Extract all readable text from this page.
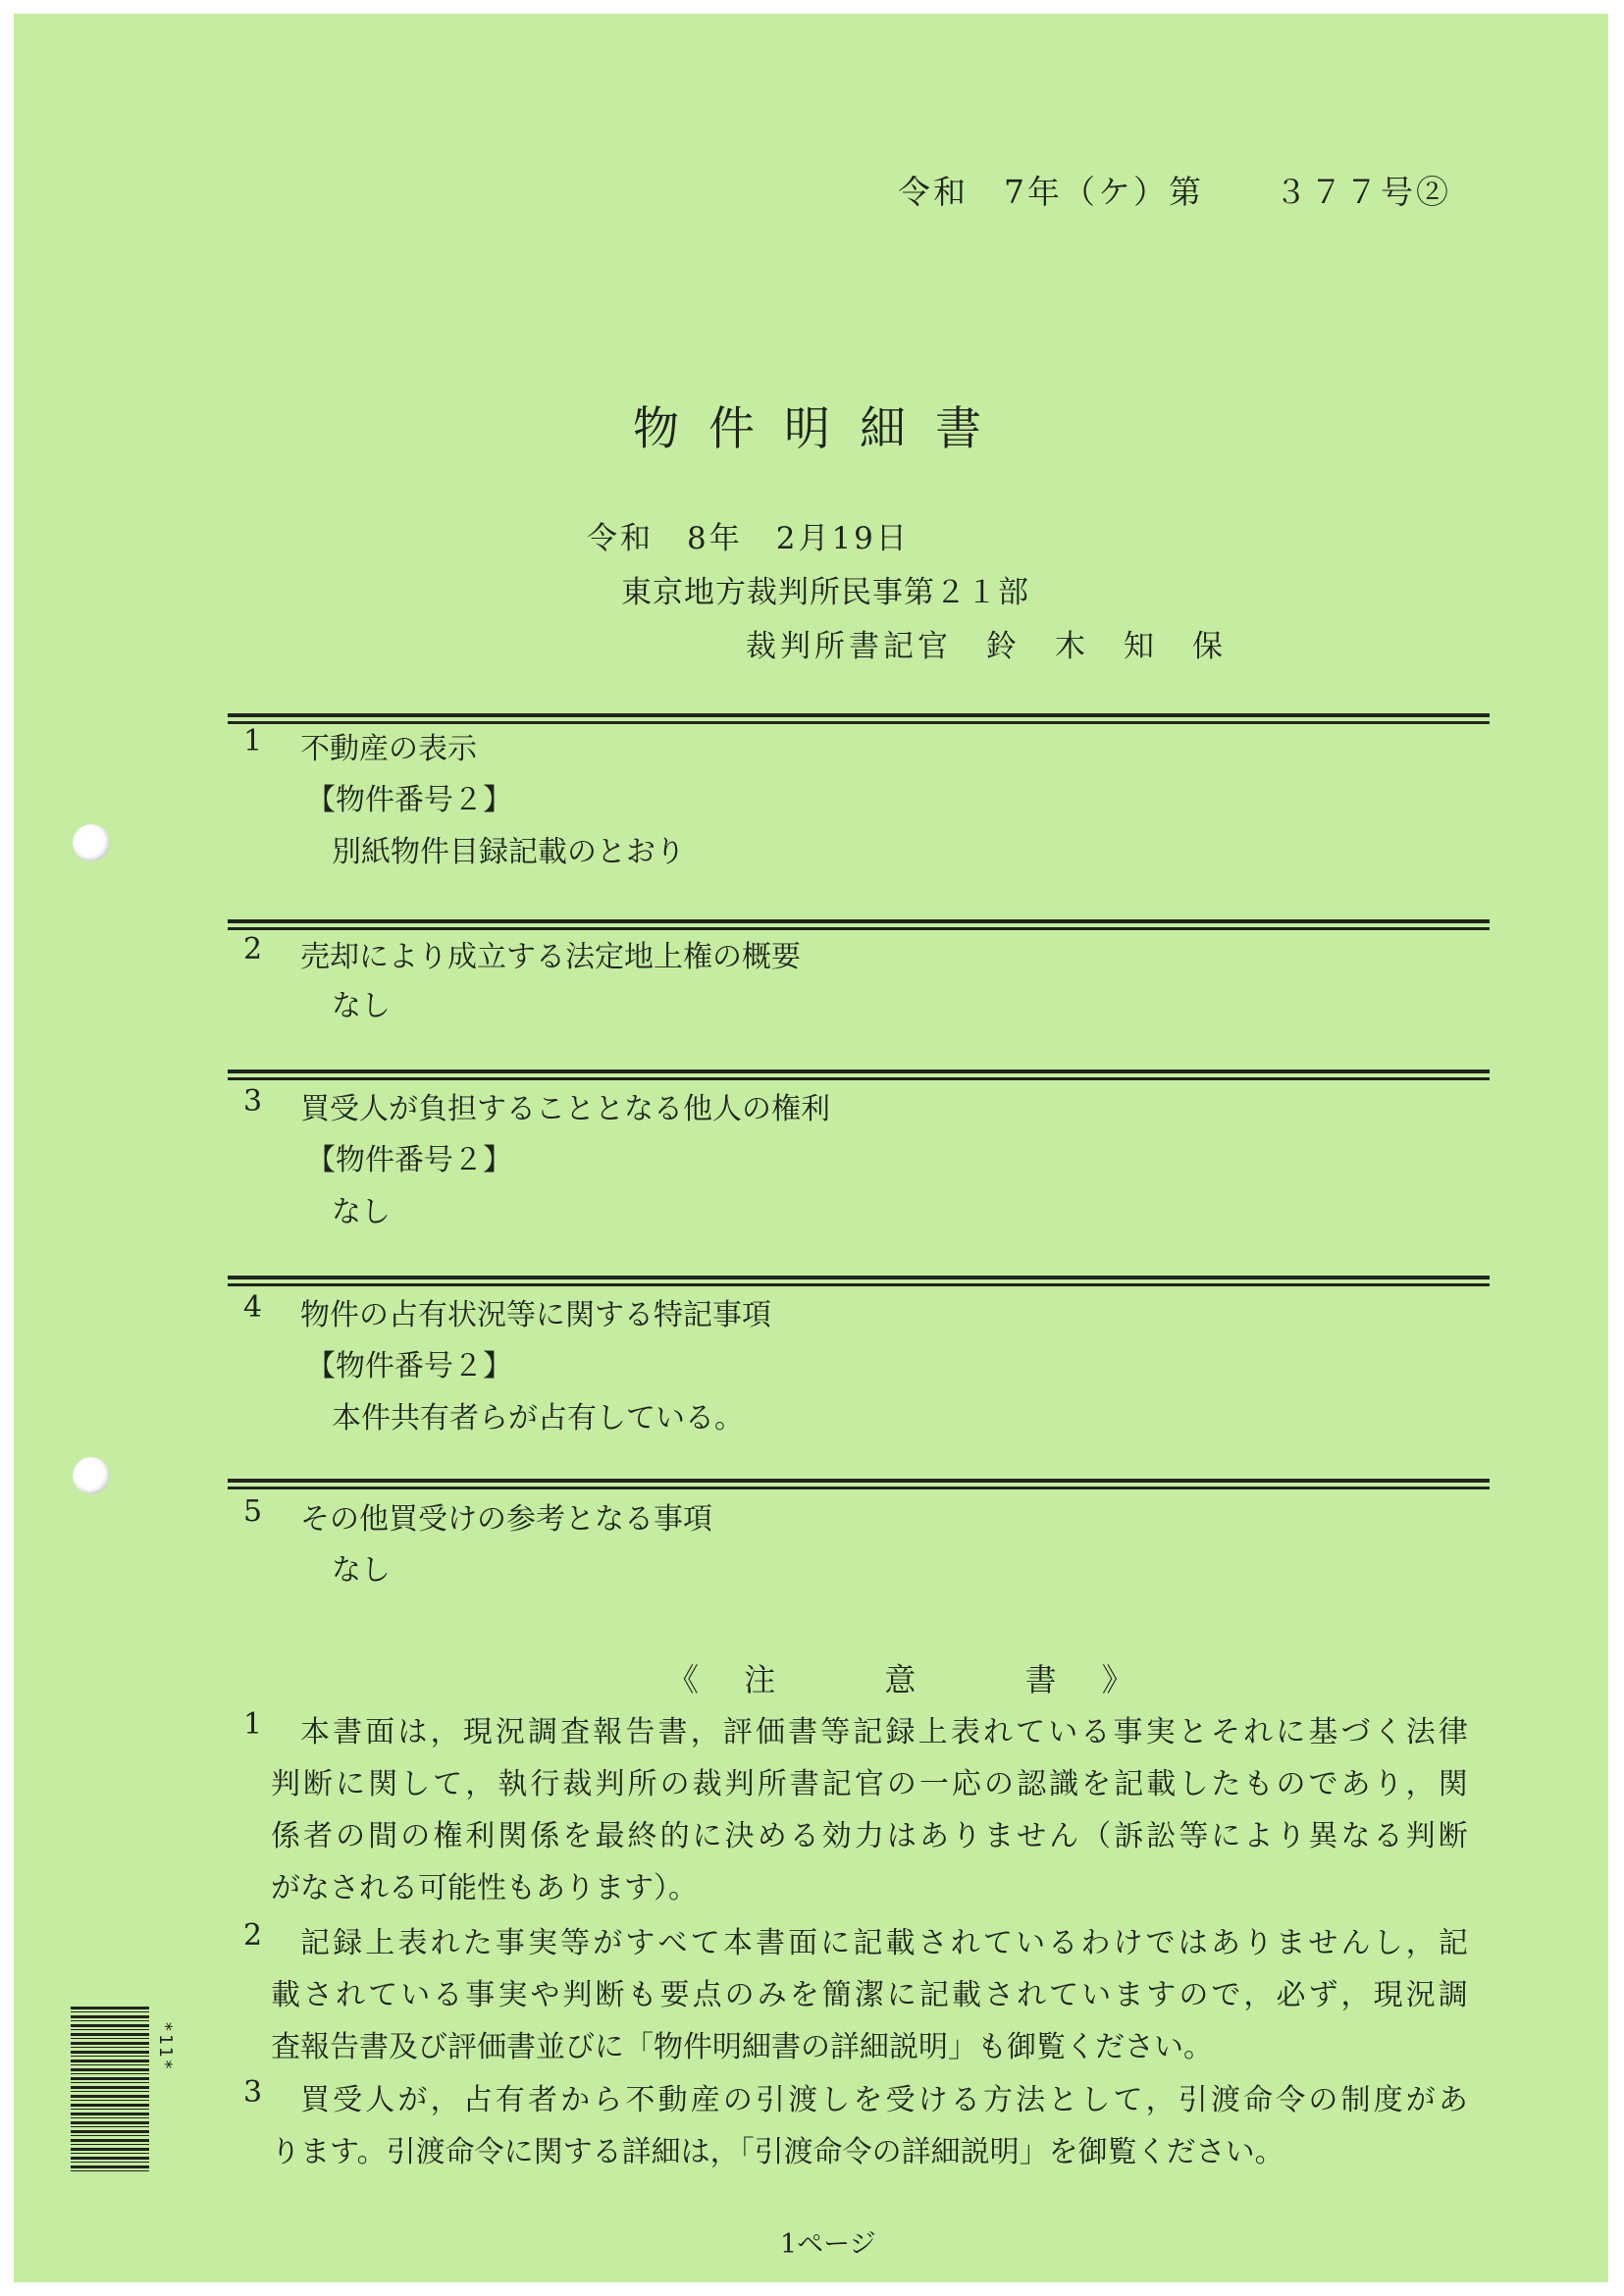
令和　7年（ケ）第　　３７７号②
物件明細書
令和　8年　2月19日
東京地方裁判所民事第２１部
裁判所書記官　鈴　木　知　保
1 不動産の表示
【物件番号２】
別紙物件目録記載のとおり
2 売却により成立する法定地上権の概要
なし
3 買受人が負担することとなる他人の権利
【物件番号２】
なし
4 物件の占有状況等に関する特記事項
【物件番号２】
本件共有者らが占有している。
5 その他買受けの参考となる事項
なし
《 注	意	書 》
1 本 書 面 は ， 現 況 調 査 報 告 書 ， 評 価 書 等 記 録 上 表 れ て い る 事 実 と そ れ に 基 づ く 法 律
判 断 に 関 し て ， 執 行 裁 判 所 の 裁 判 所 書 記 官 の 一 応 の 認 識 を 記 載 し た も の で あ り ， 関
係 者 の 間 の 権 利 関 係 を 最 終 的 に 決 め る 効 力 は あ り ま せ ん （ 訴 訟 等 に よ り 異 な る 判 断
がなされる可能性もあります）。
2 記 録 上 表 れ た 事 実 等 が す べ て 本 書 面 に 記 載 さ れ て い る わ け で は あ り ま せ ん し ， 記
載 さ れ て い る 事 実 や 判 断 も 要 点 の み を 簡 潔 に 記 載 さ れ て い ま す の で ， 必 ず ， 現 況 調
査報告書及び評価書並びに「物件明細書の詳細説明」も御覧ください。
3 買 受 人 が ， 占 有 者 か ら 不 動 産 の 引 渡 し を 受 け る 方 法 と し て ， 引 渡 命 令 の 制 度 が あ
ります。引渡命令に関する詳細は，「引渡命令の詳細説明」を御覧ください。
*11*
1ページ
